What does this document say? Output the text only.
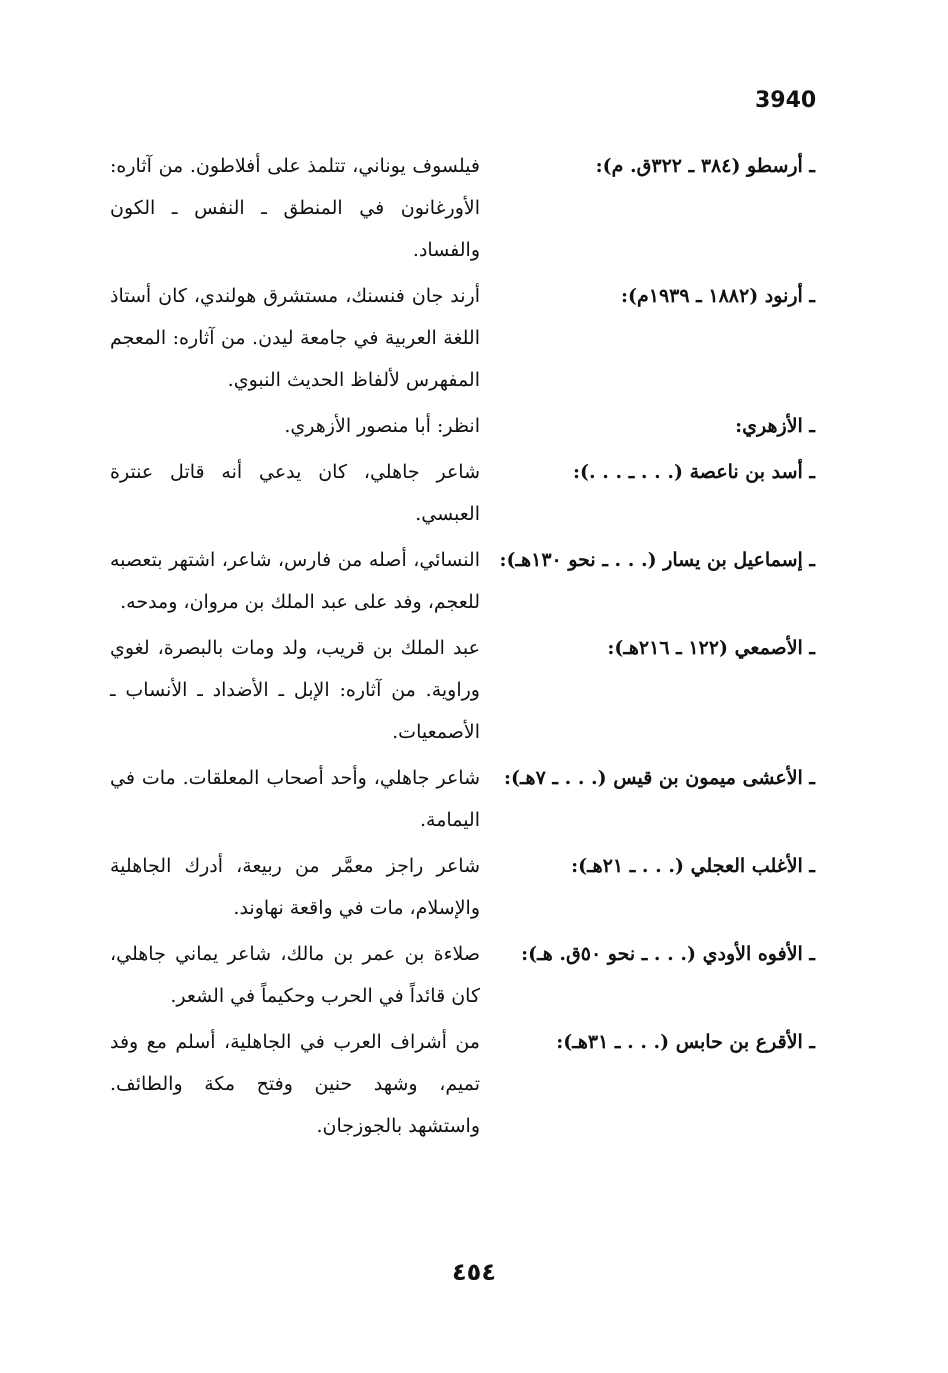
3940
ـ أرسطو (٣٨٤ ـ ٣٢٢ق. م):
فيلسوف يوناني، تتلمذ على أفلاطون. من آثاره: الأورغانون في المنطق ـ النفس ـ الكون والفساد.
ـ أرنود (١٨٨٢ ـ ١٩٣٩م):
أرند جان فنسنك، مستشرق هولندي، كان أستاذ اللغة العربية في جامعة ليدن. من آثاره: المعجم المفهرس لألفاظ الحديث النبوي.
ـ الأزهري:
انظر: أبا منصور الأزهري.
ـ أسد بن ناعصة (. . . ـ . . .):
شاعر جاهلي، كان يدعي أنه قاتل عنترة العبسي.
ـ إسماعيل بن يسار (. . . ـ نحو ١٣٠هـ):
النسائي، أصله من فارس، شاعر، اشتهر بتعصبه للعجم، وفد على عبد الملك بن مروان، ومدحه.
ـ الأصمعي (١٢٢ ـ ٢١٦هـ):
عبد الملك بن قريب، ولد ومات بالبصرة، لغوي وراوية. من آثاره: الإبل ـ الأضداد ـ الأنساب ـ الأصمعيات.
ـ الأعشى ميمون بن قيس (. . . ـ ٧هـ):
شاعر جاهلي، وأحد أصحاب المعلقات. مات في اليمامة.
ـ الأغلب العجلي (. . . ـ ٢١هـ):
شاعر راجز معمَّر من ربيعة، أدرك الجاهلية والإسلام، مات في واقعة نهاوند.
ـ الأفوه الأودي (. . . ـ نحو ٥٠ق. هـ):
صلاءة بن عمر بن مالك، شاعر يماني جاهلي، كان قائداً في الحرب وحكيماً في الشعر.
ـ الأقرع بن حابس (. . . ـ ٣١هـ):
من أشراف العرب في الجاهلية، أسلم مع وفد تميم، وشهد حنين وفتح مكة والطائف. واستشهد بالجوزجان.
٤٥٤
